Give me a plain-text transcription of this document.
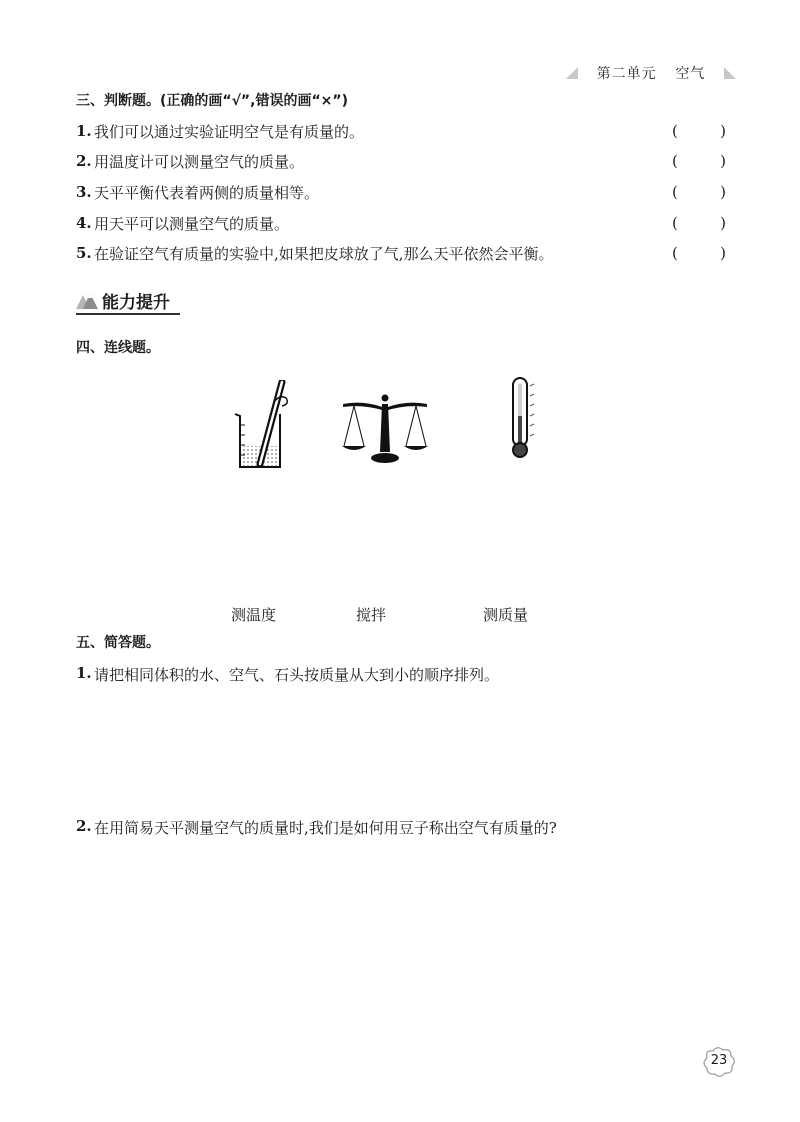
第二单元 空气
三、判断题。(正确的画“√”,错误的画“×”)
1. 我们可以通过实验证明空气是有质量的。	(	)
2. 用温度计可以测量空气的质量。	(	)
3. 天平平衡代表着两侧的质量相等。	(	)
4. 用天平可以测量空气的质量。	(	)
5. 在验证空气有质量的实验中,如果把皮球放了气,那么天平依然会平衡。	(	)
能力提升
四、连线题。
测温度	搅拌	测质量
五、简答题。
1. 请把相同体积的水、空气、石头按质量从大到小的顺序排列。
2. 在用简易天平测量空气的质量时,我们是如何用豆子称出空气有质量的?
23
